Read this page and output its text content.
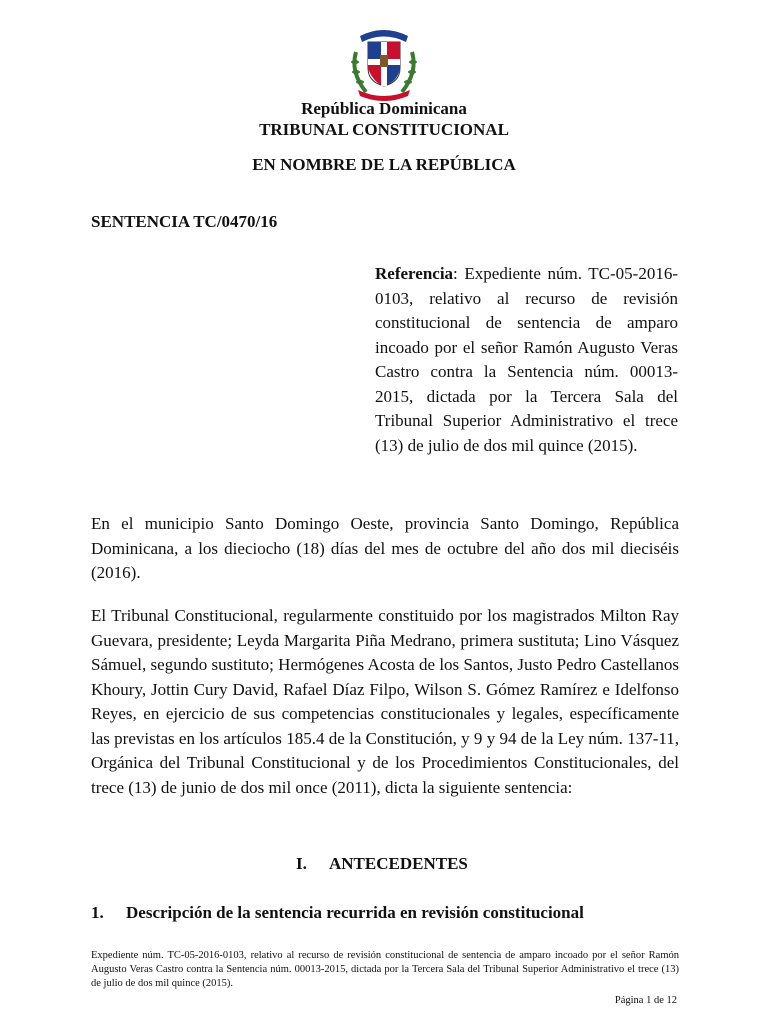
República Dominicana
TRIBUNAL CONSTITUCIONAL
EN NOMBRE DE LA REPÚBLICA
SENTENCIA TC/0470/16
Referencia: Expediente núm. TC-05-2016-0103, relativo al recurso de revisión constitucional de sentencia de amparo incoado por el señor Ramón Augusto Veras Castro contra la Sentencia núm. 00013-2015, dictada por la Tercera Sala del Tribunal Superior Administrativo el trece (13) de julio de dos mil quince (2015).

En el municipio Santo Domingo Oeste, provincia Santo Domingo, República Dominicana, a los dieciocho (18) días del mes de octubre del año dos mil dieciséis (2016).

El Tribunal Constitucional, regularmente constituido por los magistrados Milton Ray Guevara, presidente; Leyda Margarita Piña Medrano, primera sustituta; Lino Vásquez Sámuel, segundo sustituto; Hermógenes Acosta de los Santos, Justo Pedro Castellanos Khoury, Jottin Cury David, Rafael Díaz Filpo, Wilson S. Gómez Ramírez e Idelfonso Reyes, en ejercicio de sus competencias constitucionales y legales, específicamente las previstas en los artículos 185.4 de la Constitución, y 9 y 94 de la Ley núm. 137-11, Orgánica del Tribunal Constitucional y de los Procedimientos Constitucionales, del trece (13) de junio de dos mil once (2011), dicta la siguiente sentencia:

I.	ANTECEDENTES
1.	Descripción de la sentencia recurrida en revisión constitucional
Expediente núm. TC-05-2016-0103, relativo al recurso de revisión constitucional de sentencia de amparo incoado por el señor Ramón Augusto Veras Castro contra la Sentencia núm. 00013-2015, dictada por la Tercera Sala del Tribunal Superior Administrativo el trece (13) de julio de dos mil quince (2015).
Página 1 de 12
